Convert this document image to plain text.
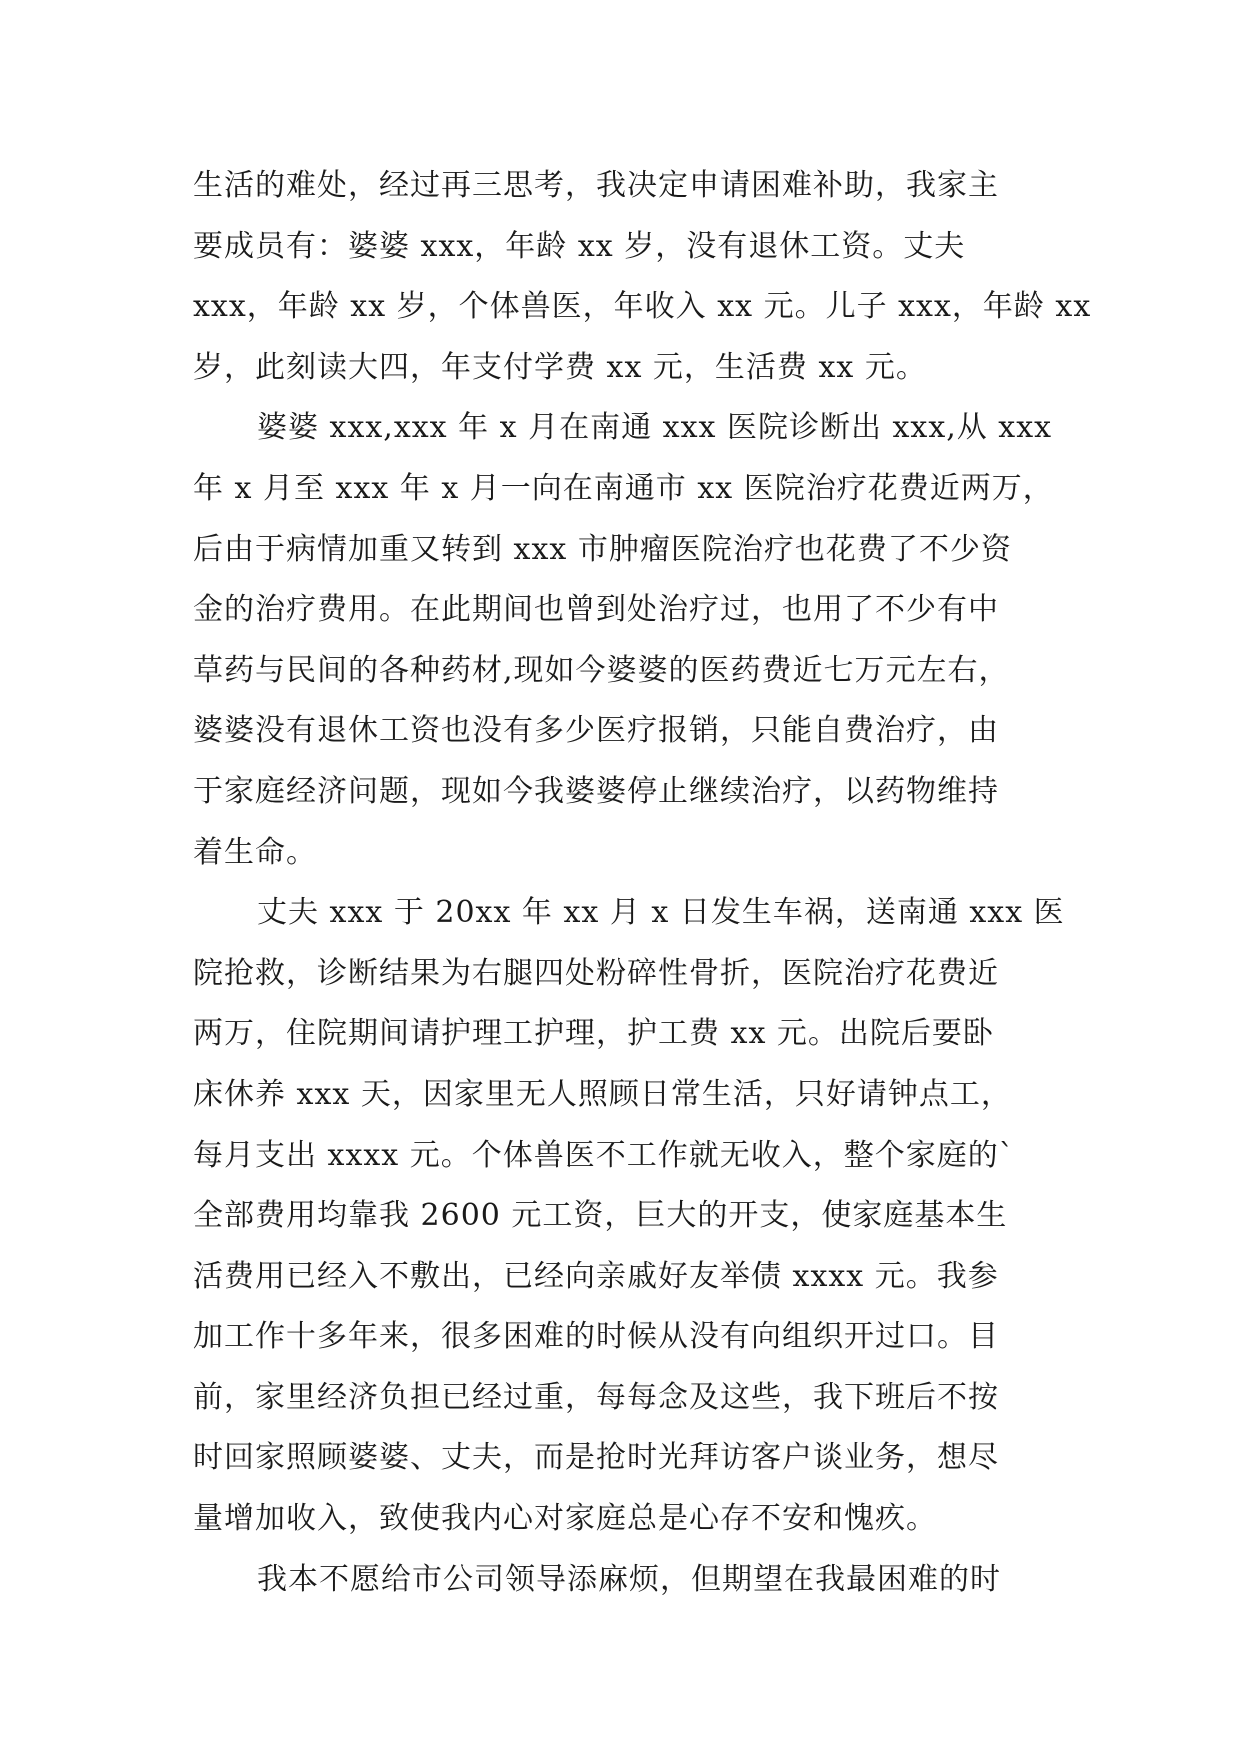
生活的难处，经过再三思考，我决定申请困难补助，我家主
要成员有：婆婆 xxx，年龄 xx 岁，没有退休工资。丈夫
xxx，年龄 xx 岁，个体兽医，年收入 xx 元。儿子 xxx，年龄 xx
岁，此刻读大四，年支付学费 xx 元，生活费 xx 元。
婆婆 xxx,xxx 年 x 月在南通 xxx 医院诊断出 xxx,从 xxx
年 x 月至 xxx 年 x 月一向在南通市 xx 医院治疗花费近两万，
后由于病情加重又转到 xxx 市肿瘤医院治疗也花费了不少资
金的治疗费用。在此期间也曾到处治疗过，也用了不少有中
草药与民间的各种药材,现如今婆婆的医药费近七万元左右，
婆婆没有退休工资也没有多少医疗报销，只能自费治疗，由
于家庭经济问题，现如今我婆婆停止继续治疗，以药物维持
着生命。
丈夫 xxx 于 20xx 年 xx 月 x 日发生车祸，送南通 xxx 医
院抢救，诊断结果为右腿四处粉碎性骨折，医院治疗花费近
两万，住院期间请护理工护理，护工费 xx 元。出院后要卧
床休养 xxx 天，因家里无人照顾日常生活，只好请钟点工，
每月支出 xxxx 元。个体兽医不工作就无收入，整个家庭的`
全部费用均靠我 2600 元工资，巨大的开支，使家庭基本生
活费用已经入不敷出，已经向亲戚好友举债 xxxx 元。我参
加工作十多年来，很多困难的时候从没有向组织开过口。目
前，家里经济负担已经过重，每每念及这些，我下班后不按
时回家照顾婆婆、丈夫，而是抢时光拜访客户谈业务，想尽
量增加收入，致使我内心对家庭总是心存不安和愧疚。
我本不愿给市公司领导添麻烦，但期望在我最困难的时
